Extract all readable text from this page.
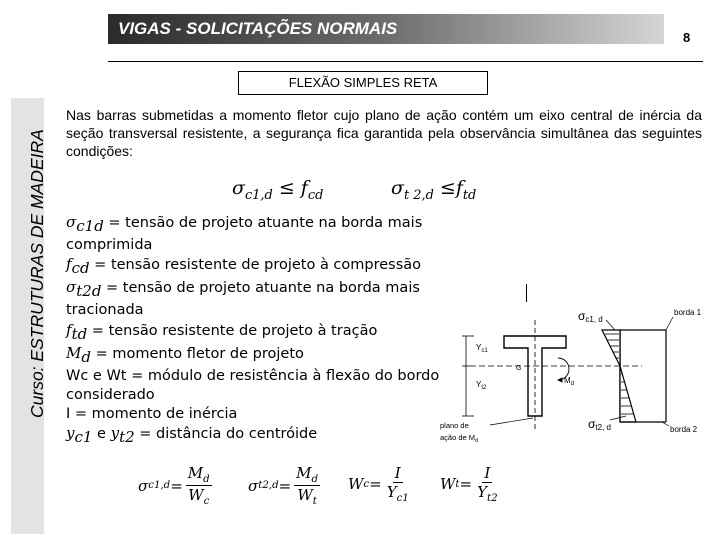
Curso: ESTRUTURAS DE MADEIRA
VIGAS - SOLICITAÇÕES NORMAIS	8
FLEXÃO SIMPLES RETA
Nas barras submetidas a momento fletor cujo plano de ação contém um eixo central de inércia da seção transversal resistente, a segurança fica garantida pela observância simultânea das seguintes condições:
$\sigma_{c1,d} \le f_{cd}$	$\sigma_{t 2,d} \le f_{td}$
$\sigma_{c1d}$ = tensão de projeto atuante na borda mais
comprimida
$f_{cd}$ = tensão resistente de projeto à compressão
$\sigma_{t2d}$ = tensão de projeto atuante na borda mais
tracionada
$f_{td}$ = tensão resistente de projeto à tração
$M_d$ = momento fletor de projeto
Wc e Wt = módulo de resistência à flexão do bordo
considerado
I = momento de inércia
$y_{c1}$ e $y_{t2}$ = distância do centróide
$Y_{c1}$
$Y_{t2}$
G
$M_d$
σc1, d
borda 1
σt2, d	borda 2
plano de
ação de $M_d$
σ $c1,d = \frac{M_d}{W_c}$ σ $t2,d = \frac{M_d}{W_t}$ W $c = \frac{I}{Y_{c1}}$ W $t = \frac{I}{Y_{t2}}$
